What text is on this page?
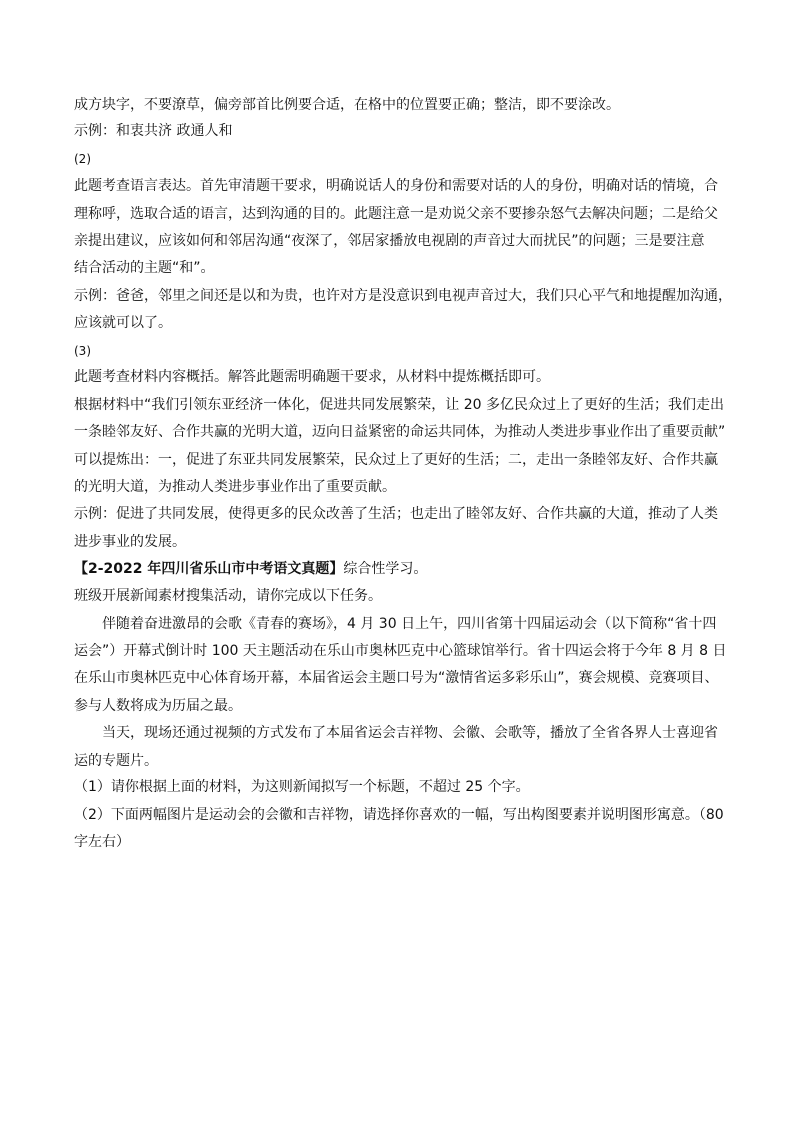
成方块字，不要潦草，偏旁部首比例要合适，在格中的位置要正确；整洁，即不要涂改。
示例：和衷共济 政通人和
(2)
此题考查语言表达。首先审清题干要求，明确说话人的身份和需要对话的人的身份，明确对话的情境，合
理称呼，选取合适的语言，达到沟通的目的。此题注意一是劝说父亲不要掺杂怒气去解决问题；二是给父
亲提出建议，应该如何和邻居沟通“夜深了，邻居家播放电视剧的声音过大而扰民”的问题；三是要注意
结合活动的主题“和”。
示例：爸爸，邻里之间还是以和为贵，也许对方是没意识到电视声音过大，我们只心平气和地提醒加沟通，
应该就可以了。
(3)
此题考查材料内容概括。解答此题需明确题干要求，从材料中提炼概括即可。
根据材料中“我们引领东亚经济一体化，促进共同发展繁荣，让 20 多亿民众过上了更好的生活；我们走出
一条睦邻友好、合作共赢的光明大道，迈向日益紧密的命运共同体，为推动人类进步事业作出了重要贡献”
可以提炼出：一，促进了东亚共同发展繁荣，民众过上了更好的生活；二，走出一条睦邻友好、合作共赢
的光明大道，为推动人类进步事业作出了重要贡献。
示例：促进了共同发展，使得更多的民众改善了生活；也走出了睦邻友好、合作共赢的大道，推动了人类
进步事业的发展。
【2-2022 年四川省乐山市中考语文真题】综合性学习。
班级开展新闻素材搜集活动，请你完成以下任务。
伴随着奋进激昂的会歌《青春的赛场》，4 月 30 日上午，四川省第十四届运动会（以下简称“省十四
运会”）开幕式倒计时 100 天主题活动在乐山市奥林匹克中心篮球馆举行。省十四运会将于今年 8 月 8 日
在乐山市奥林匹克中心体育场开幕，本届省运会主题口号为“激情省运多彩乐山”，赛会规模、竞赛项目、
参与人数将成为历届之最。
当天，现场还通过视频的方式发布了本届省运会吉祥物、会徽、会歌等，播放了全省各界人士喜迎省
运的专题片。
（1）请你根据上面的材料，为这则新闻拟写一个标题，不超过 25 个字。
（2）下面两幅图片是运动会的会徽和吉祥物，请选择你喜欢的一幅，写出构图要素并说明图形寓意。（80
字左右）
